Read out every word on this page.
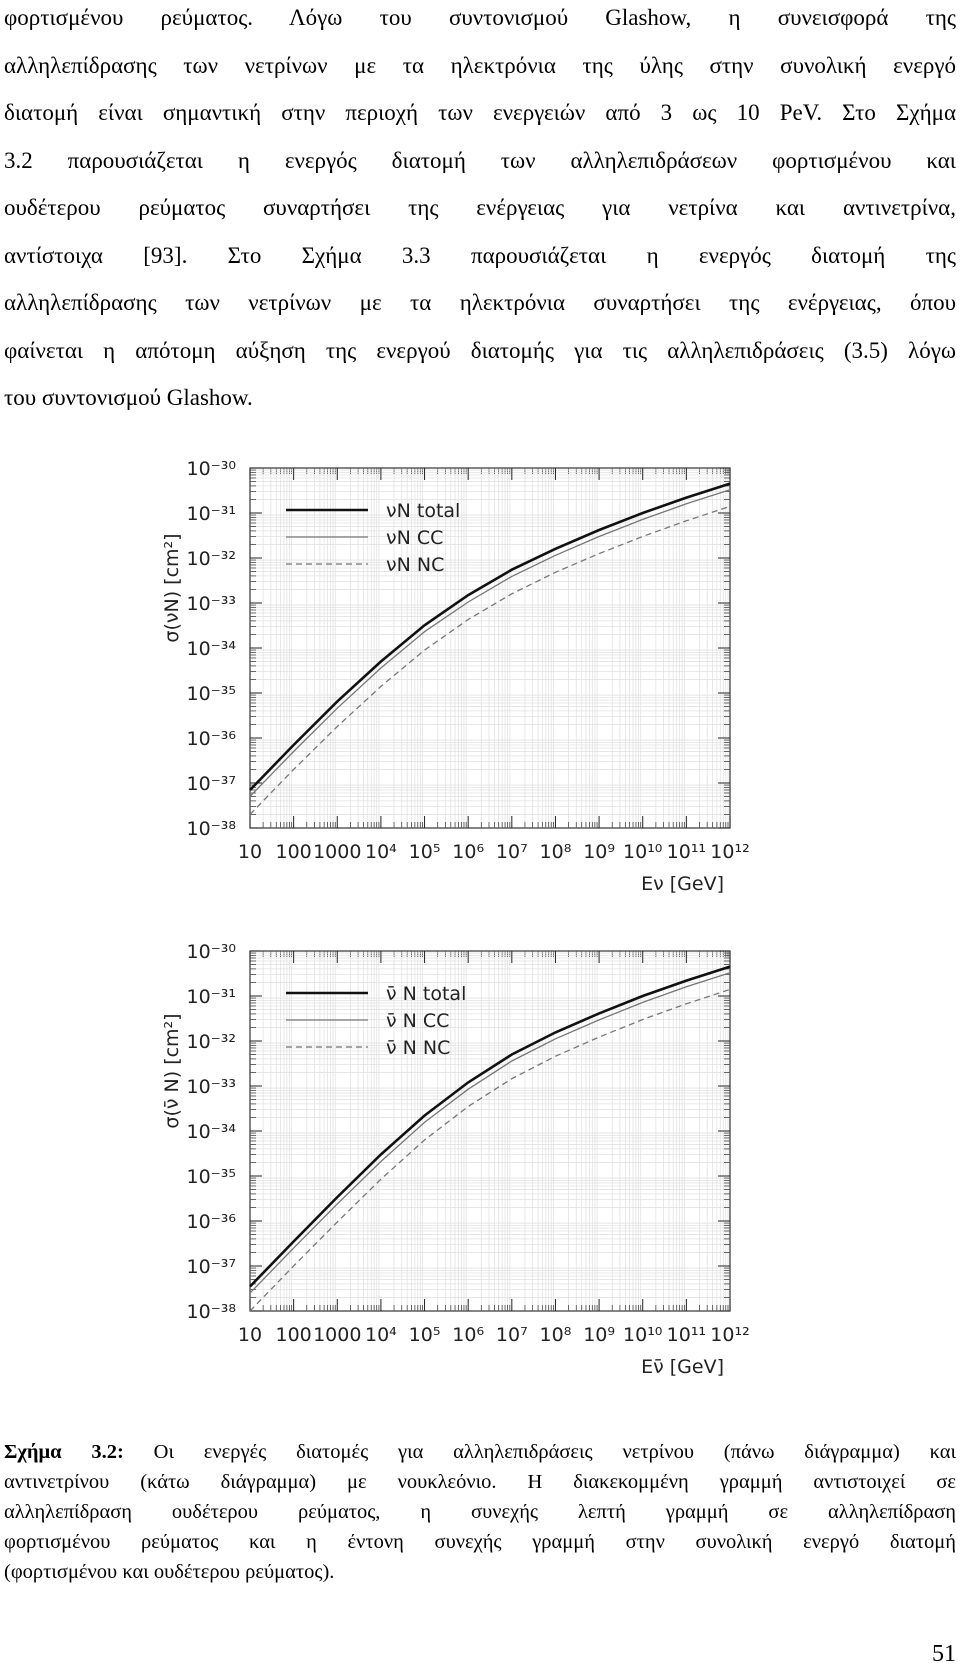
φορτισμένου ρεύματος. Λόγω του συντονισμού Glashow, η συνεισφορά της
αλληλεπίδρασης των νετρίνων με τα ηλεκτρόνια της ύλης στην συνολική ενεργό
διατομή είναι σημαντική στην περιοχή των ενεργειών από 3 ως 10 PeV. Στο Σχήμα
3.2 παρουσιάζεται η ενεργός διατομή των αλληλεπιδράσεων φορτισμένου και
ουδέτερου ρεύματος συναρτήσει της ενέργειας για νετρίνα και αντινετρίνα,
αντίστοιχα [93]. Στο Σχήμα 3.3 παρουσιάζεται η ενεργός διατομή της
αλληλεπίδρασης των νετρίνων με τα ηλεκτρόνια συναρτήσει της ενέργειας, όπου
φαίνεται η απότομη αύξηση της ενεργού διατομής για τις αλληλεπιδράσεις (3.5) λόγω
του συντονισμού Glashow.
10 100 1000 10⁴ 10⁵ 10⁶ 10⁷ 10⁸ 10⁹ 10¹⁰ 10¹¹ 10¹²
10⁻³⁰
10⁻³¹
10⁻³²
10⁻³³
10⁻³⁴
10⁻³⁵
10⁻³⁶
10⁻³⁷
10⁻³⁸
Eν [GeV]
σ(νN) [cm²]
νN total
νN CC
νN NC
10 100 1000 10⁴ 10⁵ 10⁶ 10⁷ 10⁸ 10⁹ 10¹⁰ 10¹¹ 10¹²
10⁻³⁰
10⁻³¹
10⁻³²
10⁻³³
10⁻³⁴
10⁻³⁵
10⁻³⁶
10⁻³⁷
10⁻³⁸
Eν̄ [GeV]
σ(ν̄ N) [cm²]
ν̄ N total
ν̄ N CC
ν̄ N NC
Σχήμα 3.2: Οι ενεργές διατομές για αλληλεπιδράσεις νετρίνου (πάνω διάγραμμα) και
αντινετρίνου (κάτω διάγραμμα) με νουκλεόνιο. Η διακεκομμένη γραμμή αντιστοιχεί σε
αλληλεπίδραση ουδέτερου ρεύματος, η συνεχής λεπτή γραμμή σε αλληλεπίδραση
φορτισμένου ρεύματος και η έντονη συνεχής γραμμή στην συνολική ενεργό διατομή
(φορτισμένου και ουδέτερου ρεύματος).
51
